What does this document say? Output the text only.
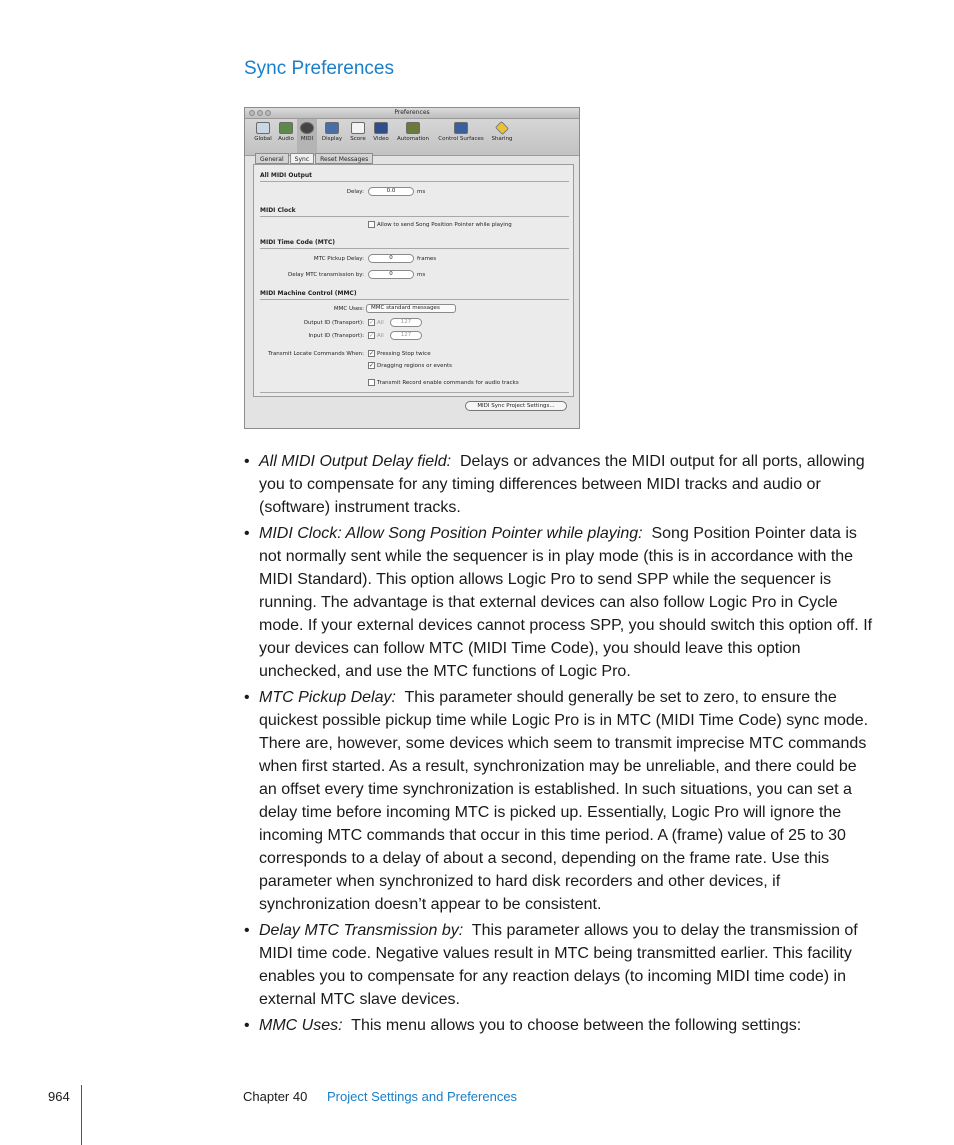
Sync Preferences
Preferences
Global	Audio	MIDI	Display	Score	Video	Automation	Control Surfaces	Sharing
General	Sync	Reset Messages
All MIDI Output
Delay:	0.0	ms
MIDI Clock
Allow to send Song Position Pointer while playing
MIDI Time Code (MTC)
MTC Pickup Delay:	0	frames
Delay MTC transmission by:	0	ms
MIDI Machine Control (MMC)
MMC Uses:	MMC standard messages
Output ID (Transport): ✓ All	127
Input ID (Transport): ✓ All	127
Transmit Locate Commands When: ✓ Pressing Stop twice
✓ Dragging regions or events
Transmit Record enable commands for audio tracks
MIDI Sync Project Settings...
• All MIDI Output Delay field: Delays or advances the MIDI output for all ports, allowing you to compensate for any timing differences between MIDI tracks and audio or (software) instrument tracks.
• MIDI Clock: Allow Song Position Pointer while playing: Song Position Pointer data is not normally sent while the sequencer is in play mode (this is in accordance with the MIDI Standard). This option allows Logic Pro to send SPP while the sequencer is running. The advantage is that external devices can also follow Logic Pro in Cycle mode. If your external devices cannot process SPP, you should switch this option off. If your devices can follow MTC (MIDI Time Code), you should leave this option unchecked, and use the MTC functions of Logic Pro.
• MTC Pickup Delay: This parameter should generally be set to zero, to ensure the quickest possible pickup time while Logic Pro is in MTC (MIDI Time Code) sync mode. There are, however, some devices which seem to transmit imprecise MTC commands when first started. As a result, synchronization may be unreliable, and there could be an offset every time synchronization is established. In such situations, you can set a delay time before incoming MTC is picked up. Essentially, Logic Pro will ignore the incoming MTC commands that occur in this time period. A (frame) value of 25 to 30 corresponds to a delay of about a second, depending on the frame rate. Use this parameter when synchronized to hard disk recorders and other devices, if synchronization doesn’t appear to be consistent.
• Delay MTC Transmission by: This parameter allows you to delay the transmission of MIDI time code. Negative values result in MTC being transmitted earlier. This facility enables you to compensate for any reaction delays (to incoming MIDI time code) in external MTC slave devices.
• MMC Uses: This menu allows you to choose between the following settings:
964	Chapter 40 Project Settings and Preferences
